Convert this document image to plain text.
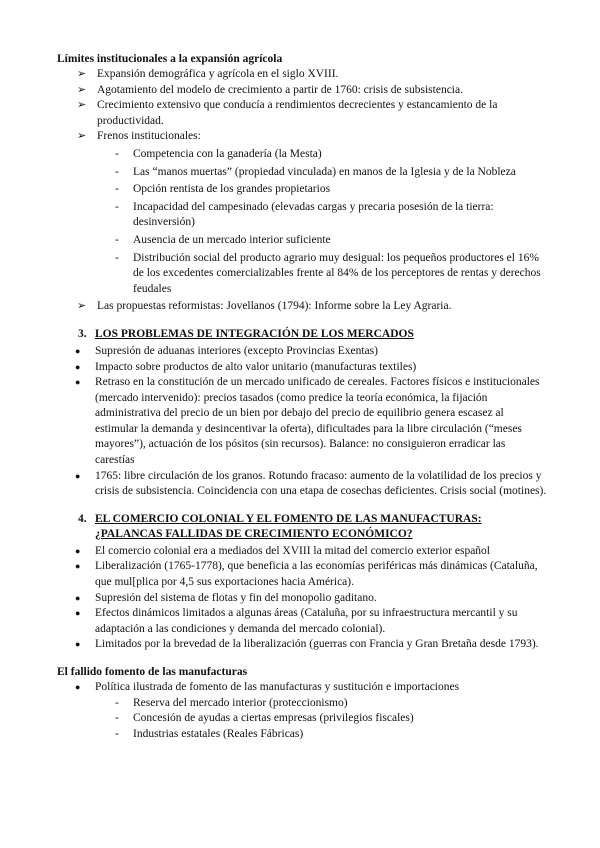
Límites institucionales a la expansión agrícola

➢ Expansión demográfica y agrícola en el siglo XVIII.
➢ Agotamiento del modelo de crecimiento a partir de 1760: crisis de subsistencia.
➢ Crecimiento extensivo que conducía a rendimientos decrecientes y estancamiento de la productividad.
➢ Frenos institucionales:
- Competencia con la ganadería (la Mesta)
- Las “manos muertas” (propiedad vinculada) en manos de la Iglesia y de la Nobleza
- Opción rentista de los grandes propietarios
- Incapacidad del campesinado (elevadas cargas y precaria posesión de la tierra: desinversión)
- Ausencia de un mercado interior suficiente
- Distribución social del producto agrario muy desigual: los pequeños productores el 16% de los excedentes comercializables frente al 84% de los perceptores de rentas y derechos feudales
➢ Las propuestas reformistas: Jovellanos (1794): Informe sobre la Ley Agraria.
3. LOS PROBLEMAS DE INTEGRACIÓN DE LOS MERCADOS
● Supresión de aduanas interiores (excepto Provincias Exentas)
● Impacto sobre productos de alto valor unitario (manufacturas textiles)
● Retraso en la constitución de un mercado unificado de cereales. Factores físicos e institucionales (mercado intervenido): precios tasados (como predice la teoría económica, la fijación administrativa del precio de un bien por debajo del precio de equilibrio genera escasez al estimular la demanda y desincentivar la oferta), dificultades para la libre circulación (“meses mayores”), actuación de los pósitos (sin recursos). Balance: no consiguieron erradicar las carestías
● 1765: libre circulación de los granos. Rotundo fracaso: aumento de la volatilidad de los precios y crisis de subsistencia. Coincidencia con una etapa de cosechas deficientes. Crisis social (motines).
4. EL COMERCIO COLONIAL Y EL FOMENTO DE LAS MANUFACTURAS:
¿PALANCAS FALLIDAS DE CRECIMIENTO ECONÓMICO?
● El comercio colonial era a mediados del XVIII la mitad del comercio exterior español
● Liberalización (1765-1778), que beneficia a las economías periféricas más dinámicas (Cataluña, que mul[plica por 4,5 sus exportaciones hacia América).
● Supresión del sistema de flotas y fin del monopolio gaditano.
● Efectos dinámicos limitados a algunas áreas (Cataluña, por su infraestructura mercantil y su adaptación a las condiciones y demanda del mercado colonial).
● Limitados por la brevedad de la liberalización (guerras con Francia y Gran Bretaña desde 1793).

El fallido fomento de las manufacturas

● Política ilustrada de fomento de las manufacturas y sustitución e importaciones
- Reserva del mercado interior (proteccionismo)
- Concesión de ayudas a ciertas empresas (privilegios fiscales)
- Industrias estatales (Reales Fábricas)
